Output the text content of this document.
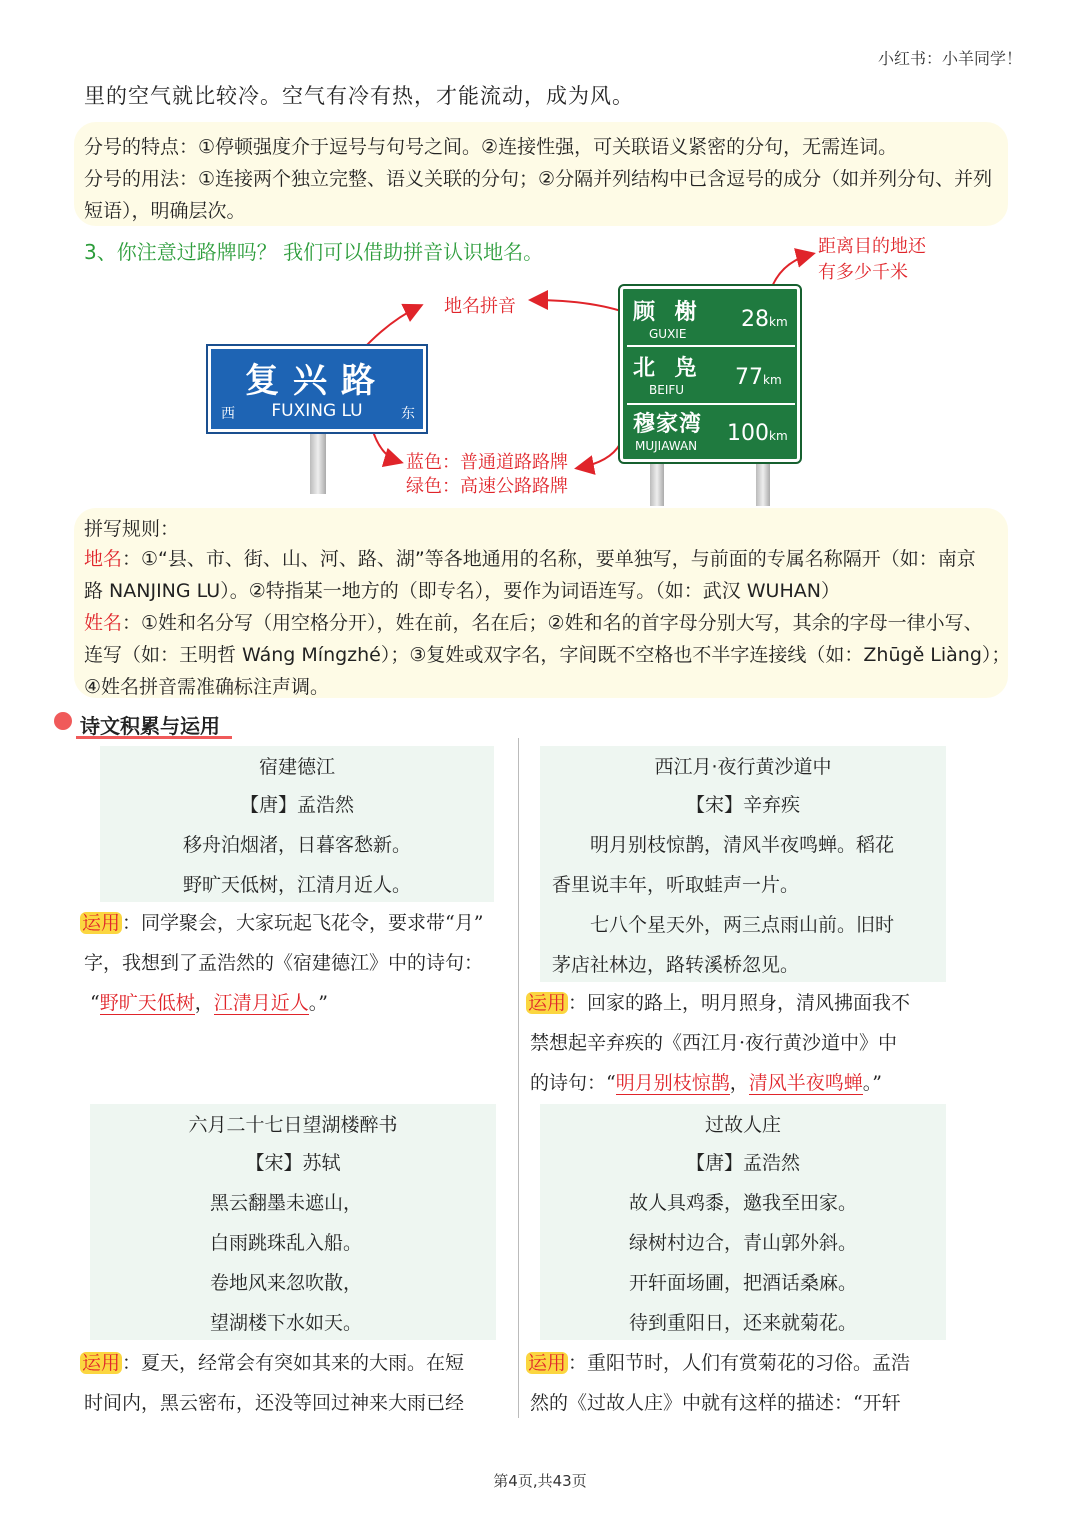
小红书：小羊同学！
里的空气就比较冷。空气有冷有热，才能流动，成为风。

分号的特点：①停顿强度介于逗号与句号之间。②连接性强，可关联语义紧密的分句，无需连词。

分号的用法：①连接两个独立完整、语义关联的分句；②分隔并列结构中已含逗号的成分（如并列分句、并列

短语），明确层次。

3、你注意过路牌吗？ 我们可以借助拼音认识地名。
复兴路
FUXING LU
西	东
顾 榭
GUXIE
28km
北 凫
BEIFU 77km
穆家湾
MUJIAWAN 100km
地名拼音
距离目的地还
有多少千米
蓝色：普通道路路牌
绿色：高速公路路牌

拼写规则：

地名：①“县、市、街、山、河、路、湖”等各地通用的名称，要单独写，与前面的专属名称隔开（如：南京

路 NANJING LU）。②特指某一地方的（即专名），要作为词语连写。（如：武汉 WUHAN）

姓名：①姓和名分写（用空格分开），姓在前，名在后；②姓和名的首字母分别大写，其余的字母一律小写、

连写（如：王明哲 Wáng Míngzhé）；③复姓或双字名，字间既不空格也不半字连接线（如：Zhūgě Liàng）；

④姓名拼音需准确标注声调。

诗文积累与运用
宿建德江
【唐】孟浩然
移舟泊烟渚，日暮客愁新。
野旷天低树，江清月近人。
运用 ：同学聚会，大家玩起飞花令，要求带“月”
字，我想到了孟浩然的《宿建德江》中的诗句：
“野旷天低树，江清月近人。”
西江月·夜行黄沙道中
【宋】辛弃疾
明月别枝惊鹊，清风半夜鸣蝉。稻花
香里说丰年，听取蛙声一片。
七八个星天外，两三点雨山前。旧时
茅店社林边，路转溪桥忽见。
运用 ：回家的路上，明月照身，清风拂面我不
禁想起辛弃疾的《西江月·夜行黄沙道中》中
的诗句：“明月别枝惊鹊，清风半夜鸣蝉。”
六月二十七日望湖楼醉书
【宋】苏轼
黑云翻墨未遮山，
白雨跳珠乱入船。
卷地风来忽吹散，
望湖楼下水如天。
运用 ：夏天，经常会有突如其来的大雨。在短
时间内，黑云密布，还没等回过神来大雨已经
过故人庄
【唐】孟浩然
故人具鸡黍，邀我至田家。
绿树村边合，青山郭外斜。
开轩面场圃，把酒话桑麻。
待到重阳日，还来就菊花。
运用 ：重阳节时，人们有赏菊花的习俗。孟浩
然的《过故人庄》中就有这样的描述：“开轩
第4页,共43页
